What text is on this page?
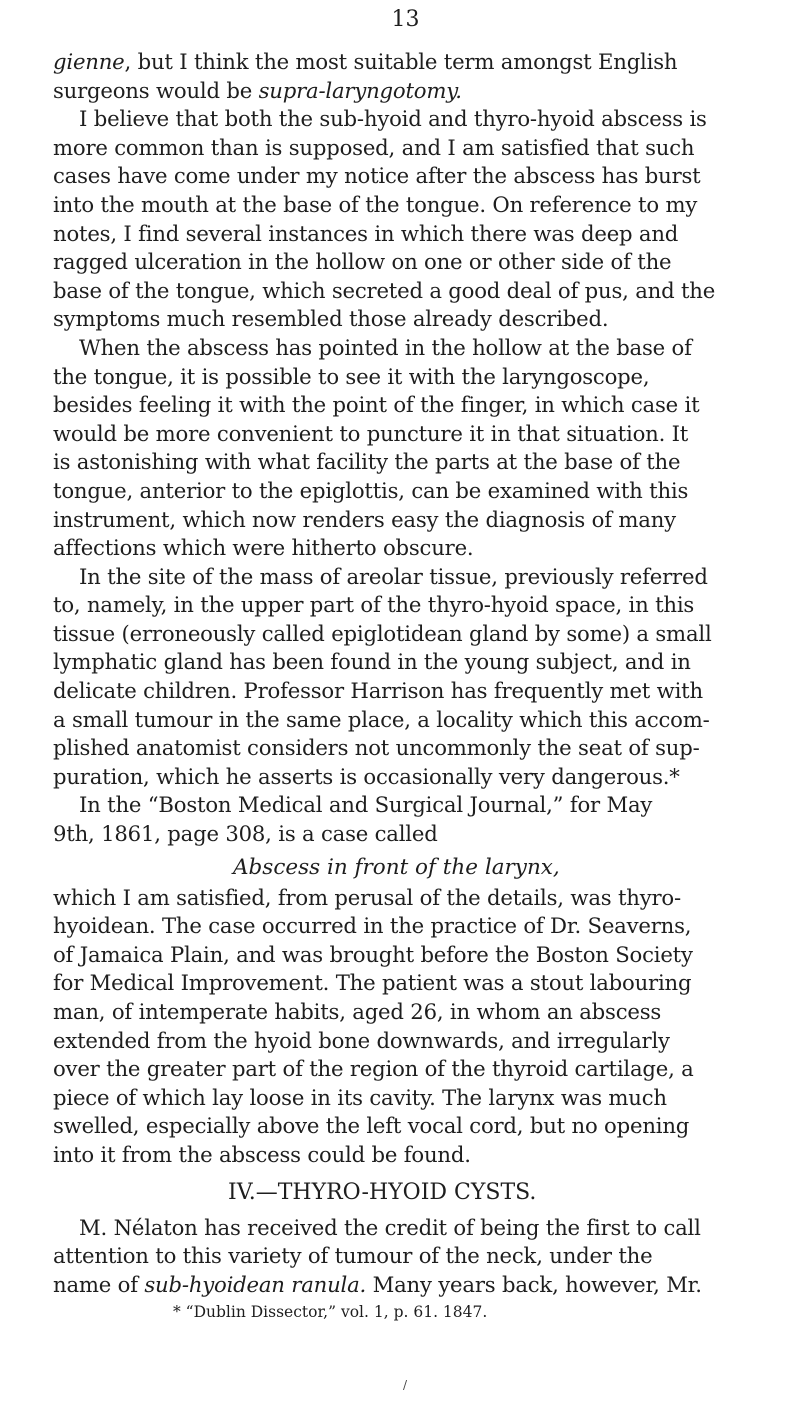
13
gienne, but I think the most suitable term amongst English
surgeons would be supra-laryngotomy.
I believe that both the sub-hyoid and thyro-hyoid abscess is
more common than is supposed, and I am satisfied that such
cases have come under my notice after the abscess has burst
into the mouth at the base of the tongue. On reference to my
notes, I find several instances in which there was deep and
ragged ulceration in the hollow on one or other side of the
base of the tongue, which secreted a good deal of pus, and the
symptoms much resembled those already described.
When the abscess has pointed in the hollow at the base of
the tongue, it is possible to see it with the laryngoscope,
besides feeling it with the point of the finger, in which case it
would be more convenient to puncture it in that situation. It
is astonishing with what facility the parts at the base of the
tongue, anterior to the epiglottis, can be examined with this
instrument, which now renders easy the diagnosis of many
affections which were hitherto obscure.
In the site of the mass of areolar tissue, previously referred
to, namely, in the upper part of the thyro-hyoid space, in this
tissue (erroneously called epiglotidean gland by some) a small
lymphatic gland has been found in the young subject, and in
delicate children. Professor Harrison has frequently met with
a small tumour in the same place, a locality which this accom-
plished anatomist considers not uncommonly the seat of sup-
puration, which he asserts is occasionally very dangerous.*
In the “Boston Medical and Surgical Journal,” for May
9th, 1861, page 308, is a case called
Abscess in front of the larynx,
which I am satisfied, from perusal of the details, was thyro-
hyoidean. The case occurred in the practice of Dr. Seaverns,
of Jamaica Plain, and was brought before the Boston Society
for Medical Improvement. The patient was a stout labouring
man, of intemperate habits, aged 26, in whom an abscess
extended from the hyoid bone downwards, and irregularly
over the greater part of the region of the thyroid cartilage, a
piece of which lay loose in its cavity. The larynx was much
swelled, especially above the left vocal cord, but no opening
into it from the abscess could be found.
IV.—THYRO-HYOID CYSTS.
M. Nélaton has received the credit of being the first to call
attention to this variety of tumour of the neck, under the
name of sub-hyoidean ranula. Many years back, however, Mr.
* “Dublin Dissector,” vol. 1, p. 61. 1847.
/
